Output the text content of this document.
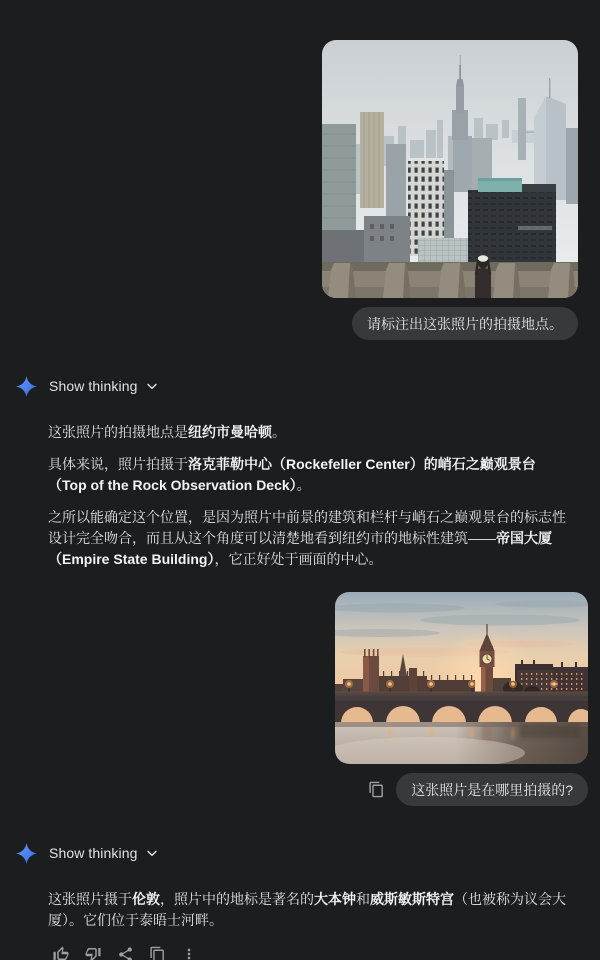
请标注出这张照片的拍摄地点。
Show thinking

这张照片的拍摄地点是纽约市曼哈顿。

具体来说，照片拍摄于洛克菲勒中心（Rockefeller Center）的峭石之巅观景台（Top of the Rock Observation Deck）。

之所以能确定这个位置，是因为照片中前景的建筑和栏杆与峭石之巅观景台的标志性设计完全吻合，而且从这个角度可以清楚地看到纽约市的地标性建筑——帝国大厦（Empire State Building），它正好处于画面的中心。

这张照片是在哪里拍摄的?
Show thinking

这张照片摄于伦敦，照片中的地标是著名的大本钟和威斯敏斯特宫（也被称为议会大厦）。它们位于泰晤士河畔。
